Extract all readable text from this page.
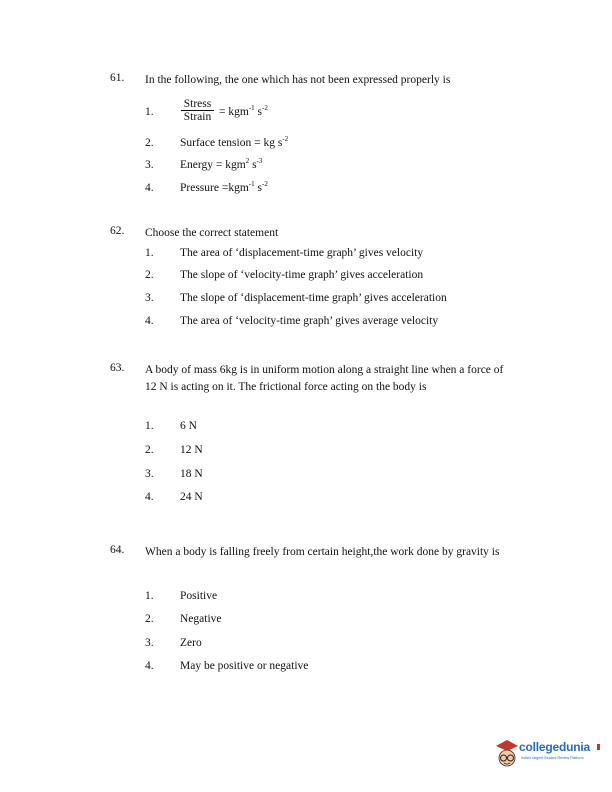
61. In the following, the one which has not been expressed properly is
1.
Stress
Strain = kgm$^{-1}$ $s^{-2}$
2. Surface tension = kg $s^{-2}$
3. Energy = kgm$^2$ $s^{-3}$
4. Pressure =kgm$^{-1}$ $s^{-2}$
62. Choose the correct statement
1. The area of ‘displacement-time graph’ gives velocity
2. The slope of ‘velocity-time graph’ gives acceleration
3. The slope of ‘displacement-time graph’ gives acceleration
4. The area of ‘velocity-time graph’ gives average velocity
63. A body of mass 6kg is in uniform motion along a straight line when a force of 12 N is acting on it. The frictional force acting on the body is
1. 6 N
2. 12 N
3. 18 N
4. 24 N
64. When a body is falling freely from certain height,the work done by gravity is
1. Positive
2. Negative
3. Zero
4. May be positive or negative
collegedunia
India's largest Student Review Platform
